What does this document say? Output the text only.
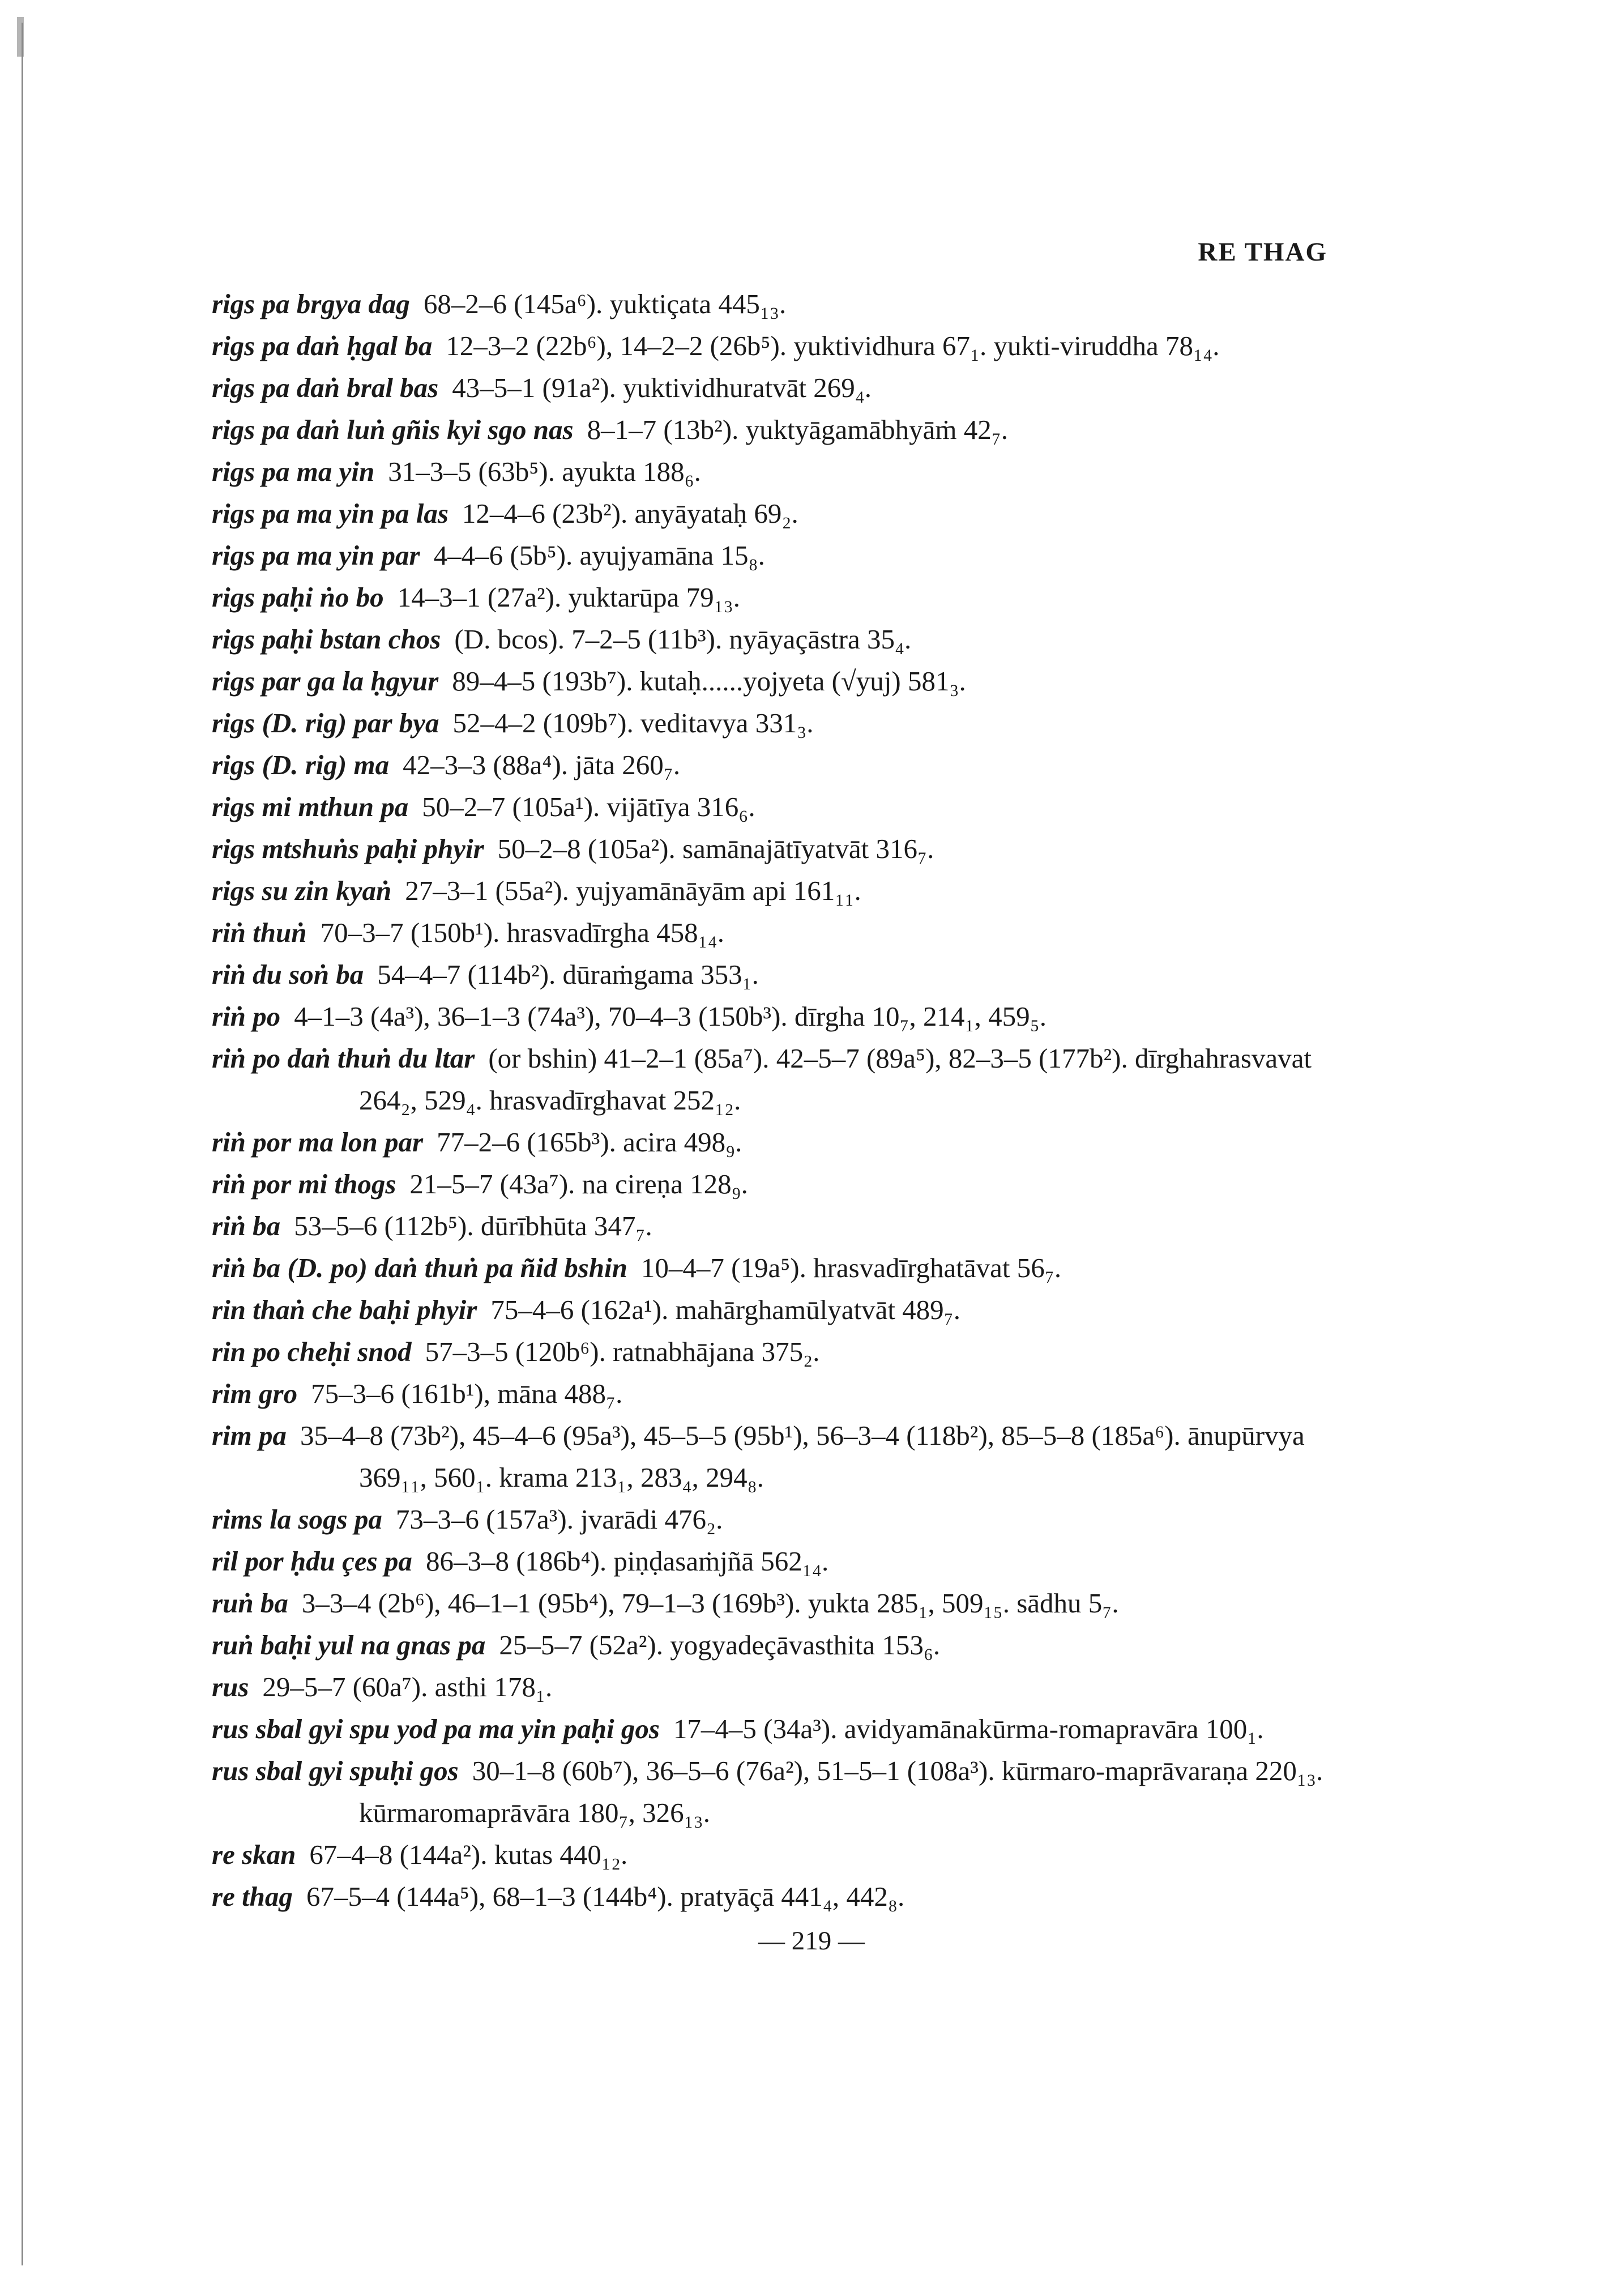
RE THAG
rigs pa brgya dag 68–2–6 (145a⁶). yuktiçata 445₁₃.
rigs pa daṅ ḥgal ba 12–3–2 (22b⁶), 14–2–2 (26b⁵). yuktividhura 67₁. yukti-viruddha 78₁₄.
rigs pa daṅ bral bas 43–5–1 (91a²). yuktividhuratvāt 269₄.
rigs pa daṅ luṅ gñis kyi sgo nas 8–1–7 (13b²). yuktyāgamābhyāṁ 42₇.
rigs pa ma yin 31–3–5 (63b⁵). ayukta 188₆.
rigs pa ma yin pa las 12–4–6 (23b²). anyāyataḥ 69₂.
rigs pa ma yin par 4–4–6 (5b⁵). ayujyamāna 15₈.
rigs paḥi ṅo bo 14–3–1 (27a²). yuktarūpa 79₁₃.
rigs paḥi bstan chos (D. bcos). 7–2–5 (11b³). nyāyaçāstra 35₄.
rigs par ga la ḥgyur 89–4–5 (193b⁷). kutaḥ......yojyeta (√yuj) 581₃.
rigs (D. rig) par bya 52–4–2 (109b⁷). veditavya 331₃.
rigs (D. rig) ma 42–3–3 (88a⁴). jāta 260₇.
rigs mi mthun pa 50–2–7 (105a¹). vijātīya 316₆.
rigs mtshuṅs paḥi phyir 50–2–8 (105a²). samānajātīyatvāt 316₇.
rigs su zin kyaṅ 27–3–1 (55a²). yujyamānāyām api 161₁₁.
riṅ thuṅ 70–3–7 (150b¹). hrasvadīrgha 458₁₄.
riṅ du soṅ ba 54–4–7 (114b²). dūraṁgama 353₁.
riṅ po 4–1–3 (4a³), 36–1–3 (74a³), 70–4–3 (150b³). dīrgha 10₇, 214₁, 459₅.
riṅ po daṅ thuṅ du ltar (or bshin) 41–2–1 (85a⁷). 42–5–7 (89a⁵), 82–3–5 (177b²). dīrghahrasvavat 264₂, 529₄. hrasvadīrghavat 252₁₂.
riṅ por ma lon par 77–2–6 (165b³). acira 498₉.
riṅ por mi thogs 21–5–7 (43a⁷). na cireṇa 128₉.
riṅ ba 53–5–6 (112b⁵). dūrībhūta 347₇.
riṅ ba (D. po) daṅ thuṅ pa ñid bshin 10–4–7 (19a⁵). hrasvadīrghatāvat 56₇.
rin thaṅ che baḥi phyir 75–4–6 (162a¹). mahārghamūlyatvāt 489₇.
rin po cheḥi snod 57–3–5 (120b⁶). ratnabhājana 375₂.
rim gro 75–3–6 (161b¹), māna 488₇.
rim pa 35–4–8 (73b²), 45–4–6 (95a³), 45–5–5 (95b¹), 56–3–4 (118b²), 85–5–8 (185a⁶). ānupūrvya 369₁₁, 560₁. krama 213₁, 283₄, 294₈.
rims la sogs pa 73–3–6 (157a³). jvarādi 476₂.
ril por ḥdu çes pa 86–3–8 (186b⁴). piṇḍasaṁjñā 562₁₄.
ruṅ ba 3–3–4 (2b⁶), 46–1–1 (95b⁴), 79–1–3 (169b³). yukta 285₁, 509₁₅. sādhu 5₇.
ruṅ baḥi yul na gnas pa 25–5–7 (52a²). yogyadeçāvasthita 153₆.
rus 29–5–7 (60a⁷). asthi 178₁.
rus sbal gyi spu yod pa ma yin paḥi gos 17–4–5 (34a³). avidyamānakūrma-romapravāra 100₁.
rus sbal gyi spuḥi gos 30–1–8 (60b⁷), 36–5–6 (76a²), 51–5–1 (108a³). kūrmaro-maprāvaraṇa 220₁₃. kūrmaromaprāvāra 180₇, 326₁₃.
re skan 67–4–8 (144a²). kutas 440₁₂.
re thag 67–5–4 (144a⁵), 68–1–3 (144b⁴). pratyāçā 441₄, 442₈.
— 219 —
